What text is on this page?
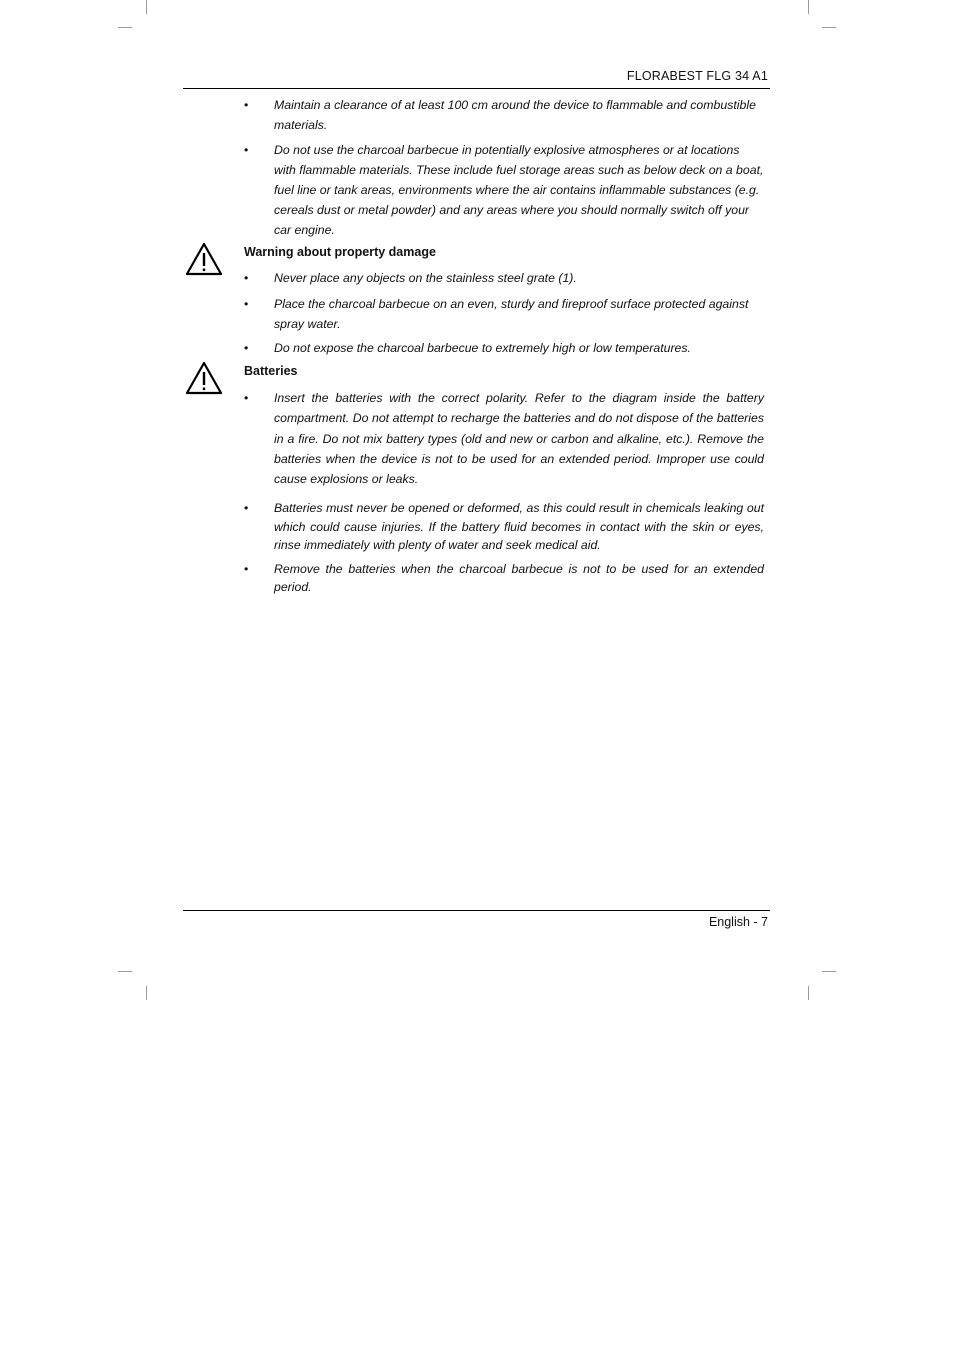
FLORABEST FLG 34 A1
• Maintain a clearance of at least 100 cm around the device to flammable and combustible materials.
• Do not use the charcoal barbecue in potentially explosive atmospheres or at locations with flammable materials. These include fuel storage areas such as below deck on a boat, fuel line or tank areas, environments where the air contains inflammable substances (e.g. cereals dust or metal powder) and any areas where you should normally switch off your car engine.
Warning about property damage
• Never place any objects on the stainless steel grate (1).
• Place the charcoal barbecue on an even, sturdy and fireproof surface protected against spray water.
• Do not expose the charcoal barbecue to extremely high or low temperatures.
Batteries
• Insert the batteries with the correct polarity. Refer to the diagram inside the battery compartment. Do not attempt to recharge the batteries and do not dispose of the batteries in a fire. Do not mix battery types (old and new or carbon and alkaline, etc.). Remove the batteries when the device is not to be used for an extended period. Improper use could cause explosions or leaks.
• Batteries must never be opened or deformed, as this could result in chemicals leaking out which could cause injuries. If the battery fluid becomes in contact with the skin or eyes, rinse immediately with plenty of water and seek medical aid.
• Remove the batteries when the charcoal barbecue is not to be used for an extended period.
English - 7
